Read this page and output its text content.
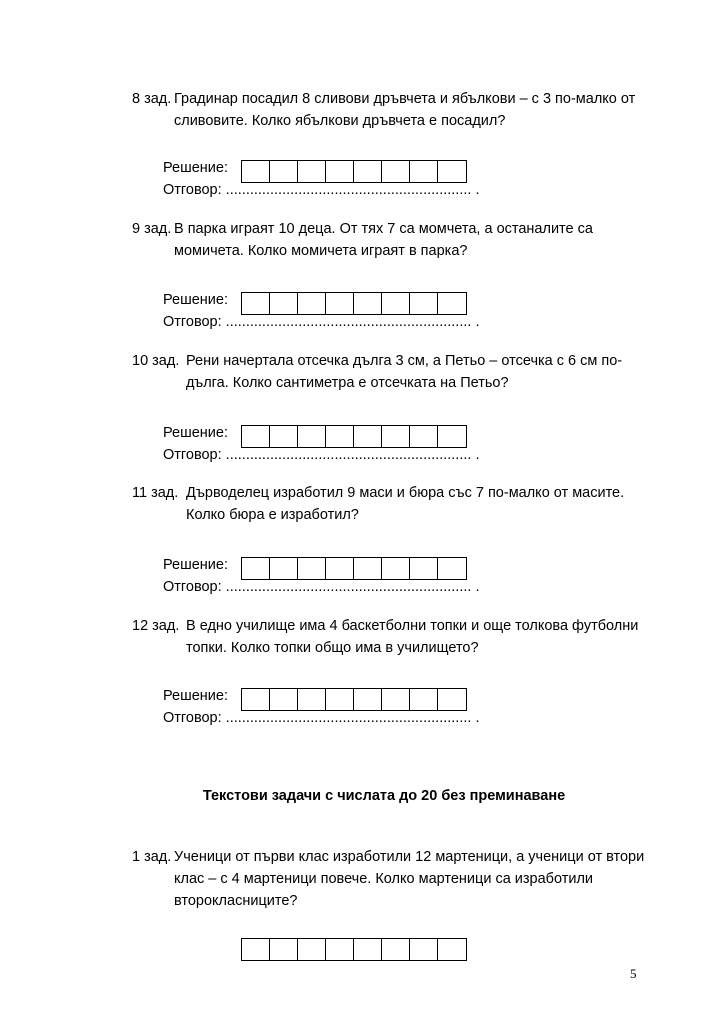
8 зад. Градинар посадил 8 сливови дръвчета и ябълкови – с 3 по-малко от
сливовите. Колко ябълкови дръвчета е посадил?
Решение:
Отговор: ............................................................. .
9 зад. В парка играят 10 деца. От тях 7 са момчета, а останалите са
момичета. Колко момичета играят в парка?
Решение:
Отговор: ............................................................. .
10 зад. Рени начертала отсечка дълга 3 см, а Петьо – отсечка с 6 см по-
дълга. Колко сантиметра е отсечката на Петьо?
Решение:
Отговор: ............................................................. .
11 зад. Дърводелец изработил 9 маси и бюра със 7 по-малко от масите.
Колко бюра е изработил?
Решение:
Отговор: ............................................................. .
12 зад. В едно училище има 4 баскетболни топки и още толкова футболни
топки. Колко топки общо има в училището?
Решение:
Отговор: ............................................................. .
Текстови задачи с числата до 20 без преминаване
1 зад. Ученици от първи клас изработили 12 мартеници, а ученици от втори
клас – с 4 мартеници повече. Колко мартеници са изработили
второкласниците?
5
